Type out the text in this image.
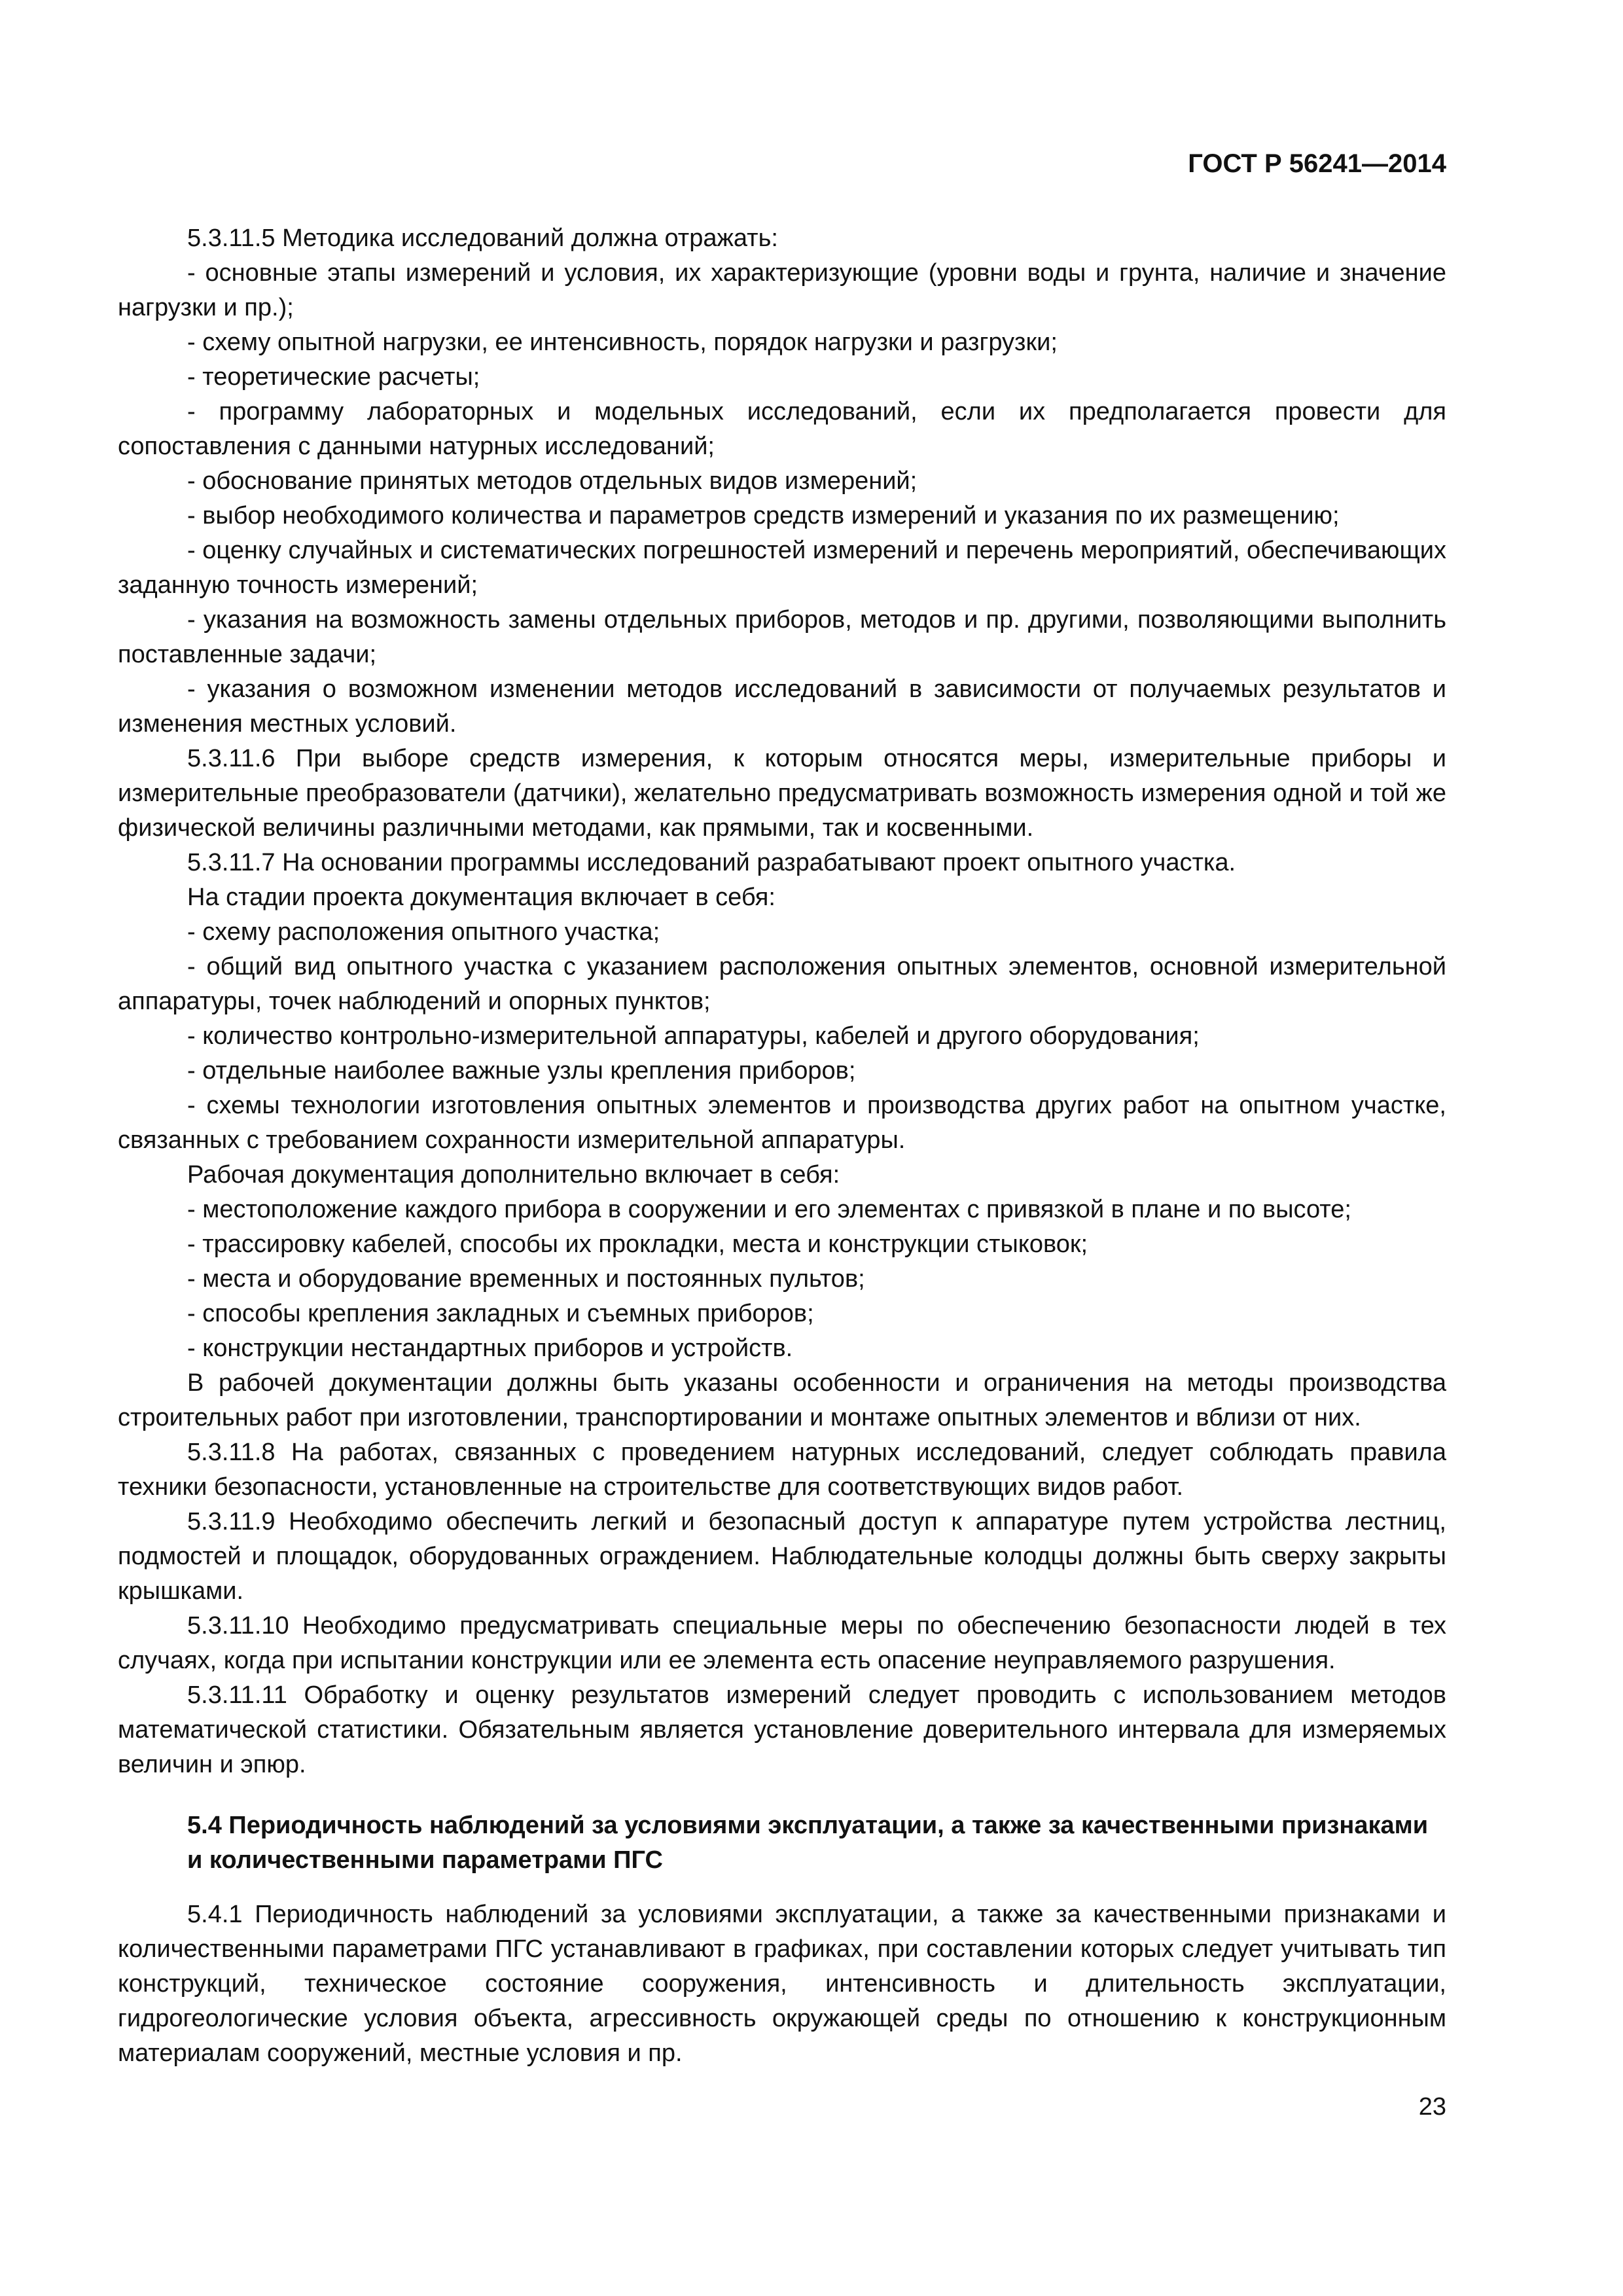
ГОСТ Р 56241—2014

5.3.11.5 Методика исследований должна отражать:

- основные этапы измерений и условия, их характеризующие (уровни воды и грунта, наличие и значение нагрузки и пр.);

- схему опытной нагрузки, ее интенсивность, порядок нагрузки и разгрузки;

- теоретические расчеты;

- программу лабораторных и модельных исследований, если их предполагается провести для сопоставления с данными натурных исследований;

- обоснование принятых методов отдельных видов измерений;

- выбор необходимого количества и параметров средств измерений и указания по их размещению;

- оценку случайных и систематических погрешностей измерений и перечень мероприятий, обеспечивающих заданную точность измерений;

- указания на возможность замены отдельных приборов, методов и пр. другими, позволяющими выполнить поставленные задачи;

- указания о возможном изменении методов исследований в зависимости от получаемых результатов и изменения местных условий.

5.3.11.6 При выборе средств измерения, к которым относятся меры, измерительные приборы и измерительные преобразователи (датчики), желательно предусматривать возможность измерения одной и той же физической величины различными методами, как прямыми, так и косвенными.

5.3.11.7 На основании программы исследований разрабатывают проект опытного участка.

На стадии проекта документация включает в себя:

- схему расположения опытного участка;

- общий вид опытного участка с указанием расположения опытных элементов, основной измерительной аппаратуры, точек наблюдений и опорных пунктов;

- количество контрольно-измерительной аппаратуры, кабелей и другого оборудования;

- отдельные наиболее важные узлы крепления приборов;

- схемы технологии изготовления опытных элементов и производства других работ на опытном участке, связанных с требованием сохранности измерительной аппаратуры.

Рабочая документация дополнительно включает в себя:

- местоположение каждого прибора в сооружении и его элементах с привязкой в плане и по высоте;

- трассировку кабелей, способы их прокладки, места и конструкции стыковок;

- места и оборудование временных и постоянных пультов;

- способы крепления закладных и съемных приборов;

- конструкции нестандартных приборов и устройств.

В рабочей документации должны быть указаны особенности и ограничения на методы производства строительных работ при изготовлении, транспортировании и монтаже опытных элементов и вблизи от них.

5.3.11.8 На работах, связанных с проведением натурных исследований, следует соблюдать правила техники безопасности, установленные на строительстве для соответствующих видов работ.

5.3.11.9 Необходимо обеспечить легкий и безопасный доступ к аппаратуре путем устройства лестниц, подмостей и площадок, оборудованных ограждением. Наблюдательные колодцы должны быть сверху закрыты крышками.

5.3.11.10 Необходимо предусматривать специальные меры по обеспечению безопасности людей в тех случаях, когда при испытании конструкции или ее элемента есть опасение неуправляемого разрушения.

5.3.11.11 Обработку и оценку результатов измерений следует проводить с использованием методов математической статистики. Обязательным является установление доверительного интервала для измеряемых величин и эпюр.

5.4 Периодичность наблюдений за условиями эксплуатации, а также за качественными признаками и количественными параметрами ПГС

5.4.1 Периодичность наблюдений за условиями эксплуатации, а также за качественными признаками и количественными параметрами ПГС устанавливают в графиках, при составлении которых следует учитывать тип конструкций, техническое состояние сооружения, интенсивность и длительность эксплуатации, гидрогеологические условия объекта, агрессивность окружающей среды по отношению к конструкционным материалам сооружений, местные условия и пр.

23
